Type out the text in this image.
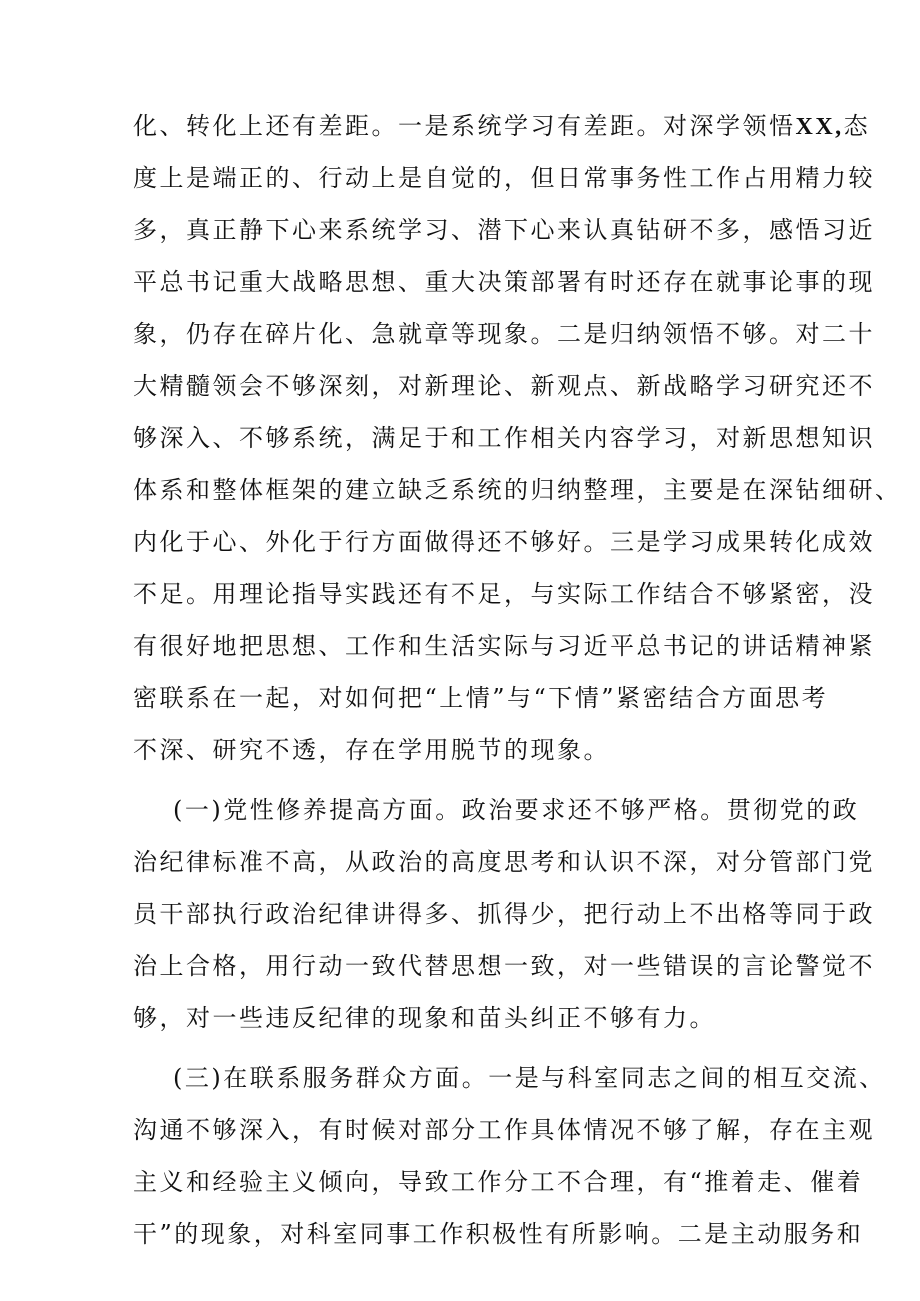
化、转化上还有差距。一是系统学习有差距。对深学领悟XX,态
度上是端正的、行动上是自觉的，但日常事务性工作占用精力较
多，真正静下心来系统学习、潜下心来认真钻研不多，感悟习近
平总书记重大战略思想、重大决策部署有时还存在就事论事的现
象，仍存在碎片化、急就章等现象。二是归纳领悟不够。对二十
大精髓领会不够深刻，对新理论、新观点、新战略学习研究还不
够深入、不够系统，满足于和工作相关内容学习，对新思想知识
体系和整体框架的建立缺乏系统的归纳整理，主要是在深钻细研、
内化于心、外化于行方面做得还不够好。三是学习成果转化成效
不足。用理论指导实践还有不足，与实际工作结合不够紧密，没
有很好地把思想、工作和生活实际与习近平总书记的讲话精神紧
密联系在一起，对如何把“上情”与“下情”紧密结合方面思考
不深、研究不透，存在学用脱节的现象。
(一)党性修养提高方面。政治要求还不够严格。贯彻党的政
治纪律标准不高，从政治的高度思考和认识不深，对分管部门党
员干部执行政治纪律讲得多、抓得少，把行动上不出格等同于政
治上合格，用行动一致代替思想一致，对一些错误的言论警觉不
够，对一些违反纪律的现象和苗头纠正不够有力。
(三)在联系服务群众方面。一是与科室同志之间的相互交流、
沟通不够深入，有时候对部分工作具体情况不够了解，存在主观
主义和经验主义倾向，导致工作分工不合理，有“推着走、催着
干”的现象，对科室同事工作积极性有所影响。二是主动服务和
